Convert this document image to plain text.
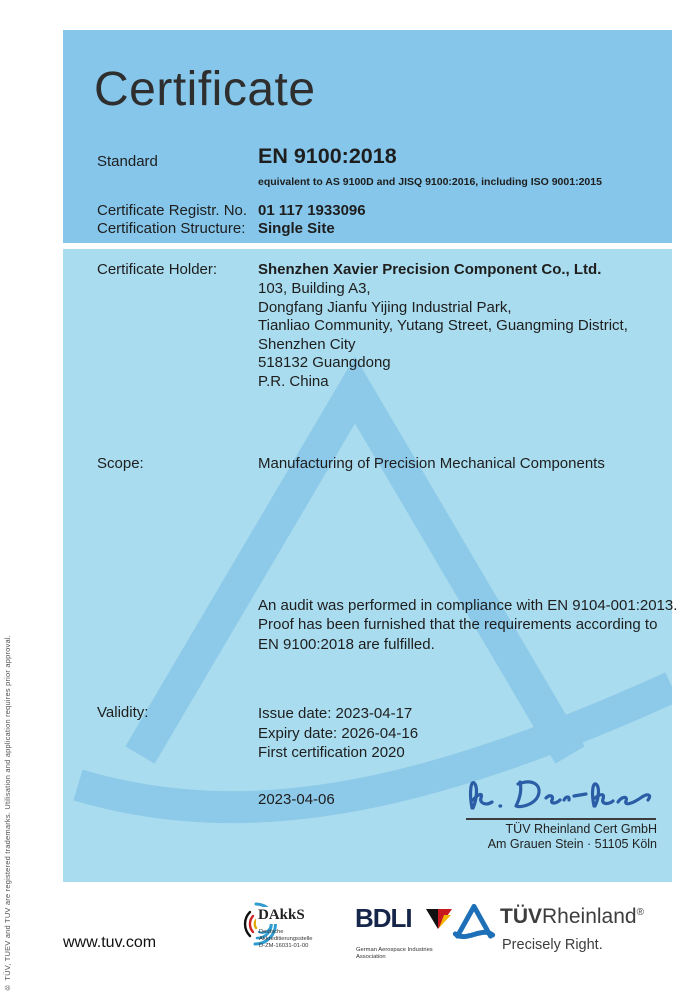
® TÜV, TUEV and TUV are registered trademarks. Utilisation and application requires prior approval.
Certificate
Standard	EN 9100:2018
equivalent to AS 9100D and JISQ 9100:2016, including ISO 9001:2015
Certificate Registr. No. 01 117 1933096
Certification Structure: Single Site
Certificate Holder:	Shenzhen Xavier Precision Component Co., Ltd.
103, Building A3,
Dongfang Jianfu Yijing Industrial Park,
Tianliao Community, Yutang Street, Guangming District,
Shenzhen City
518132 Guangdong
P.R. China
Scope:	Manufacturing of Precision Mechanical Components
An audit was performed in compliance with EN 9104-001:2013.
Proof has been furnished that the requirements according to
EN 9100:2018 are fulfilled.
Validity:	Issue date: 2023-04-17
Expiry date: 2026-04-16
First certification 2020
2023-04-06
TÜV Rheinland Cert GmbH
Am Grauen Stein · 51105 Köln
www.tuv.com
DAkkS
Deutsche
Akkreditierungsstelle
D-ZM-16031-01-00
BDLI
German Aerospace Industries
Association
TÜVRheinland®
Precisely Right.
